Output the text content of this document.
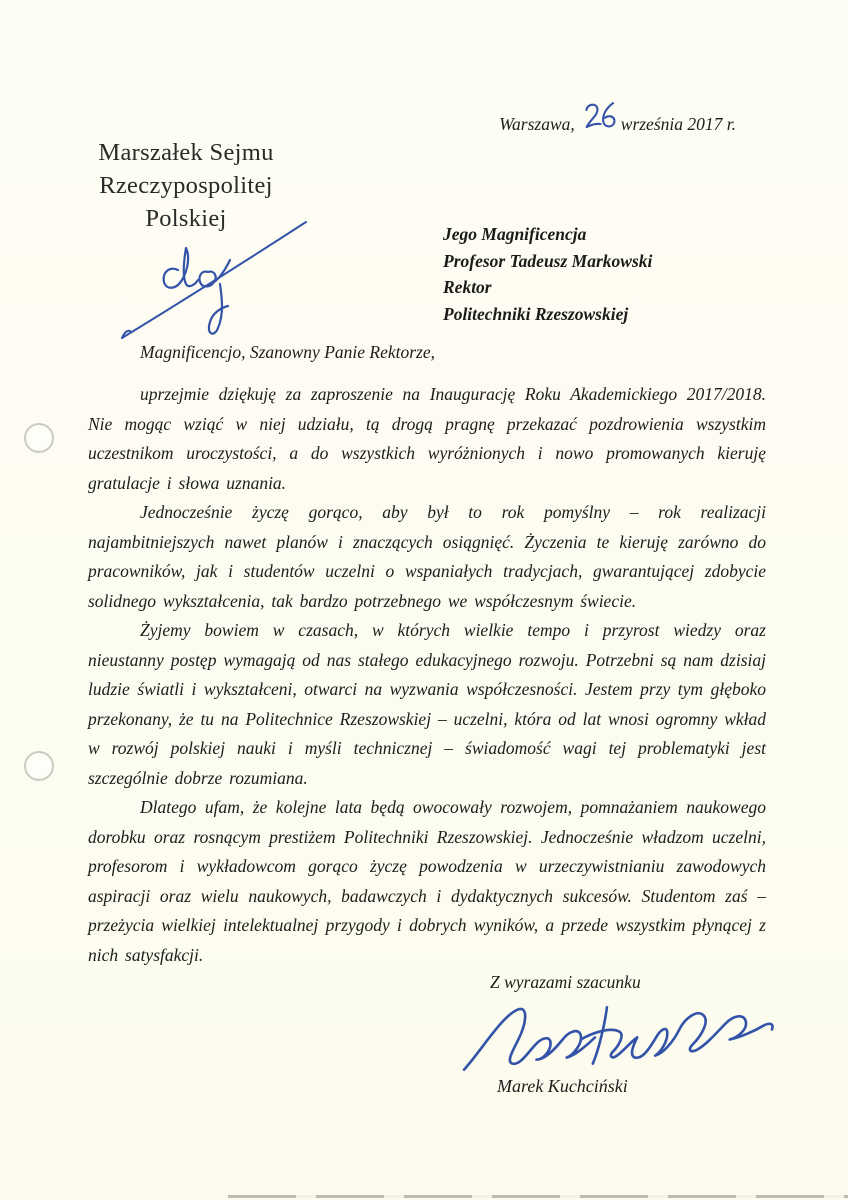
Warszawa,	września 2017 r.
Marszałek Sejmu
Rzeczypospolitej Polskiej
Jego Magnificencja
Profesor Tadeusz Markowski
Rektor
Politechniki Rzeszowskiej
Magnificencjo, Szanowny Panie Rektorze,

uprzejmie dziękuję za zaproszenie na Inaugurację Roku Akademickiego 2017/2018. Nie mogąc wziąć w niej udziału, tą drogą pragnę przekazać pozdrowienia wszystkim uczestnikom uroczystości, a do wszystkich wyróżnionych i nowo promowanych kieruję gratulacje i słowa uznania.

Jednocześnie życzę gorąco, aby był to rok pomyślny – rok realizacji najambitniejszych nawet planów i znaczących osiągnięć. Życzenia te kieruję zarówno do pracowników, jak i studentów uczelni o wspaniałych tradycjach, gwarantującej zdobycie solidnego wykształcenia, tak bardzo potrzebnego we współczesnym świecie.

Żyjemy bowiem w czasach, w których wielkie tempo i przyrost wiedzy oraz nieustanny postęp wymagają od nas stałego edukacyjnego rozwoju. Potrzebni są nam dzisiaj ludzie światli i wykształceni, otwarci na wyzwania współczesności. Jestem przy tym głęboko przekonany, że tu na Politechnice Rzeszowskiej – uczelni, która od lat wnosi ogromny wkład w rozwój polskiej nauki i myśli technicznej – świadomość wagi tej problematyki jest szczególnie dobrze rozumiana.

Dlatego ufam, że kolejne lata będą owocowały rozwojem, pomnażaniem naukowego dorobku oraz rosnącym prestiżem Politechniki Rzeszowskiej. Jednocześnie władzom uczelni, profesorom i wykładowcom gorąco życzę powodzenia w urzeczywistnianiu zawodowych aspiracji oraz wielu naukowych, badawczych i dydaktycznych sukcesów. Studentom zaś – przeżycia wielkiej intelektualnej przygody i dobrych wyników, a przede wszystkim płynącej z nich satysfakcji.

Z wyrazami szacunku
Marek Kuchciński
